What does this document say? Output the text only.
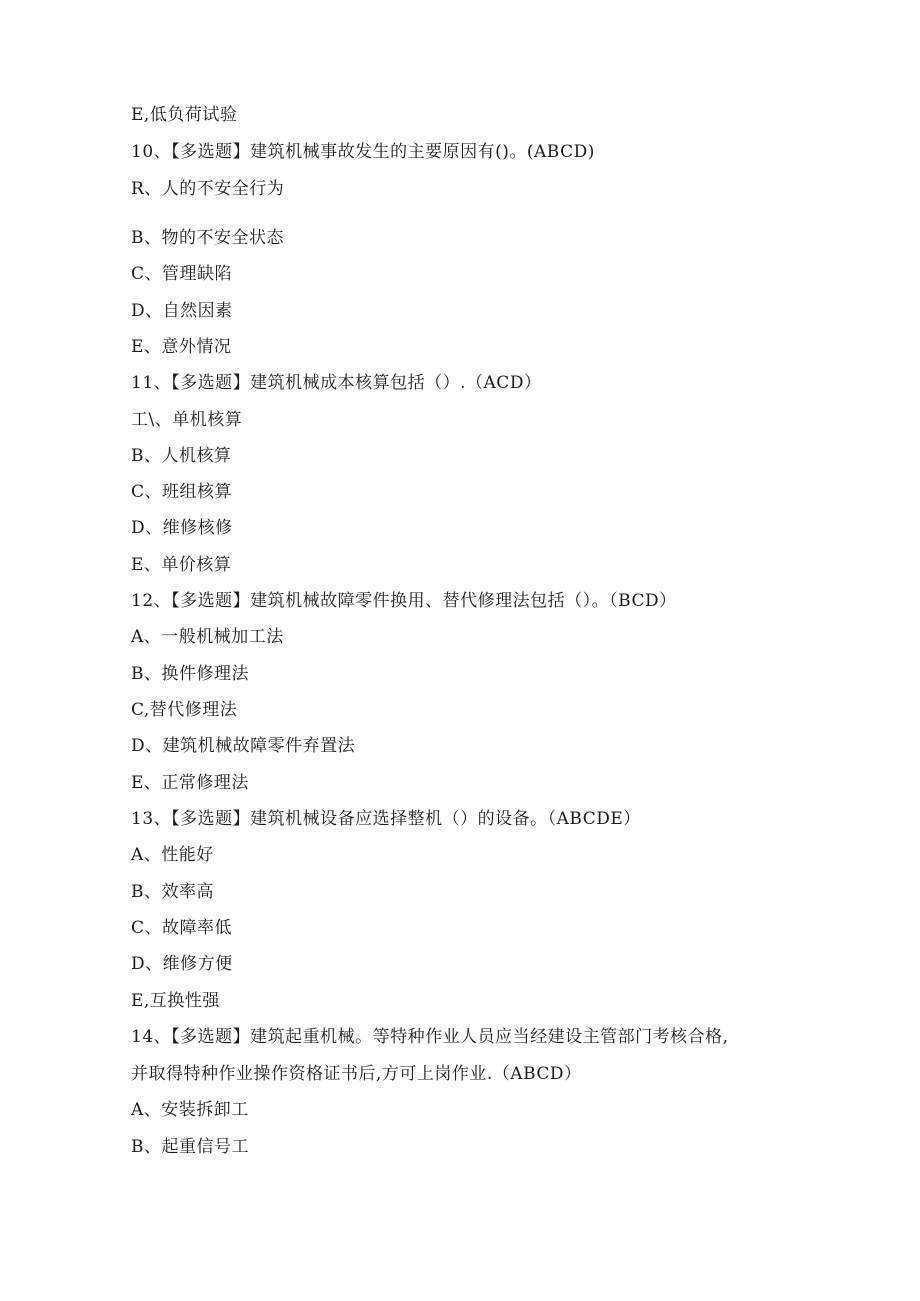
E,低负荷试验
10、【多选题】建筑机械事故发生的主要原因有()。(ABCD)
R、人的不安全行为
B、物的不安全状态
C、管理缺陷
D、自然因素
E、意外情况
11、【多选题】建筑机械成本核算包括（）.（ACD）
工\、单机核算
B、人机核算
C、班组核算
D、维修核修
E、单价核算
12、【多选题】建筑机械故障零件换用、替代修理法包括（）。（BCD）
A、一般机械加工法
B、换件修理法
C,替代修理法
D、建筑机械故障零件弃置法
E、正常修理法
13、【多选题】建筑机械设备应选择整机（）的设备。（ABCDE）
A、性能好
B、效率高
C、故障率低
D、维修方便
E,互换性强
14、【多选题】建筑起重机械。等特种作业人员应当经建设主管部门考核合格,
并取得特种作业操作资格证书后,方可上岗作业.（ABCD）
A、安装拆卸工
B、起重信号工
